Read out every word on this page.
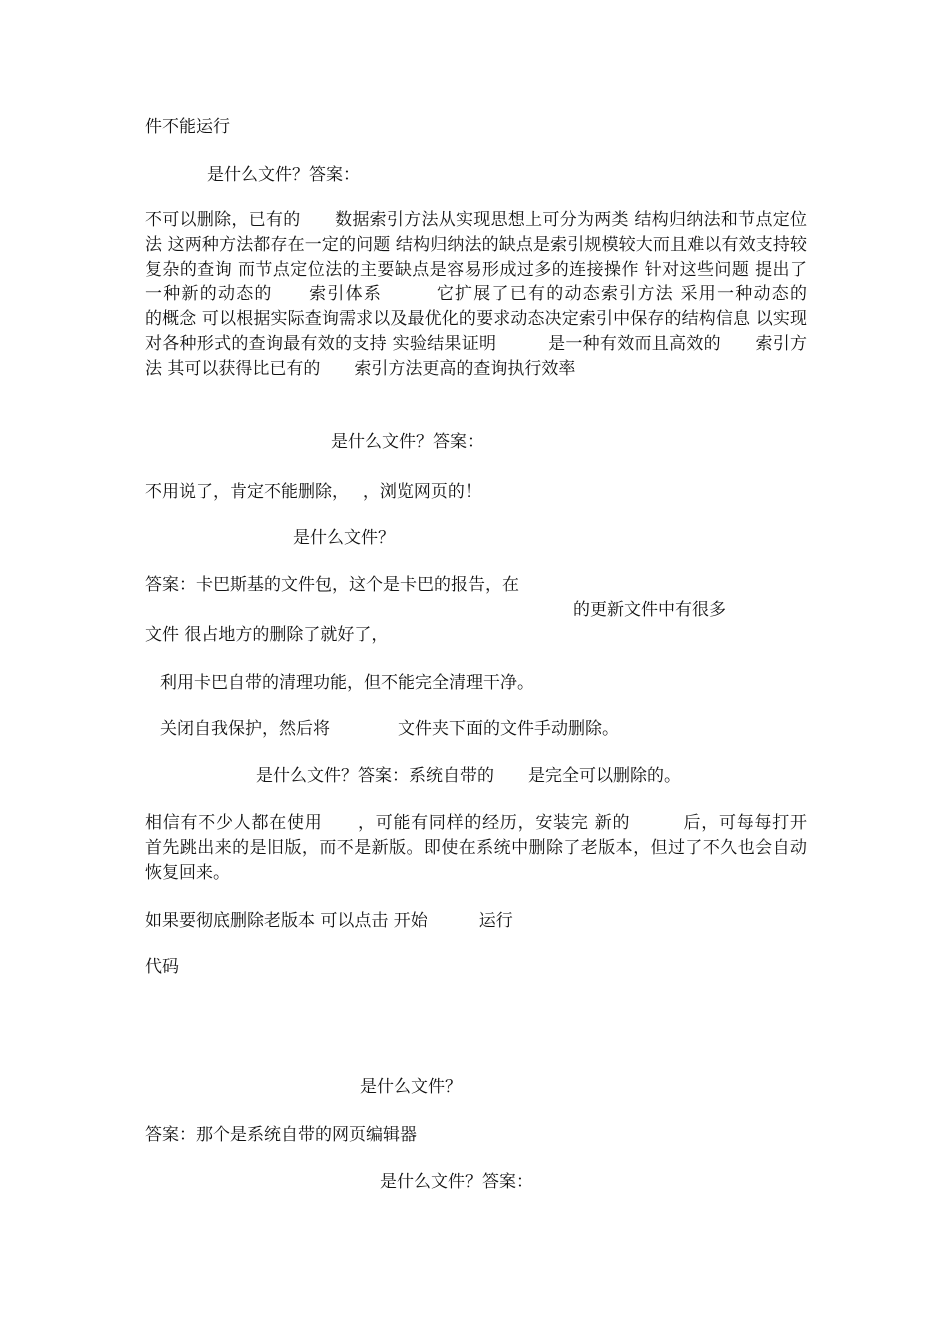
件不能运行

是什么文件？答案：

不可以删除，已有的　　数据索引方法从实现思想上可分为两类 结构归纳法和节点定位法 这两种方法都存在一定的问题 结构归纳法的缺点是索引规模较大而且难以有效支持较复杂的查询 而节点定位法的主要缺点是容易形成过多的连接操作 针对这些问题 提出了一种新的动态的　　索引体系　　　它扩展了已有的动态索引方法 采用一种动态的　　　　　　　的概念 可以根据实际查询需求以及最优化的要求动态决定索引中保存的结构信息 以实现对各种形式的查询最有效的支持 实验结果证明　　　是一种有效而且高效的　　索引方法 其可以获得比已有的　　索引方法更高的查询执行效率

是什么文件？答案：

不用说了，肯定不能删除，　 ，浏览网页的！

是什么文件？

答案：卡巴斯基的文件包，这个是卡巴的报告，在

的更新文件中有很多

文件 很占地方的删除了就好了，

利用卡巴自带的清理功能，但不能完全清理干净。

关闭自我保护，然后将　　　　文件夹下面的文件手动删除。

是什么文件？答案：系统自带的　　是完全可以删除的。

相信有不少人都在使用　　，可能有同样的经历，安装完 新的　　　后，可每每打开　　　首先跳出来的是旧版，而不是新版。即使在系统中删除了老版本，但过了不久也会自动恢复回来。

如果要彻底删除老版本 可以点击 开始　　　运行

代码

是什么文件？

答案：那个是系统自带的网页编辑器

是什么文件？答案：
